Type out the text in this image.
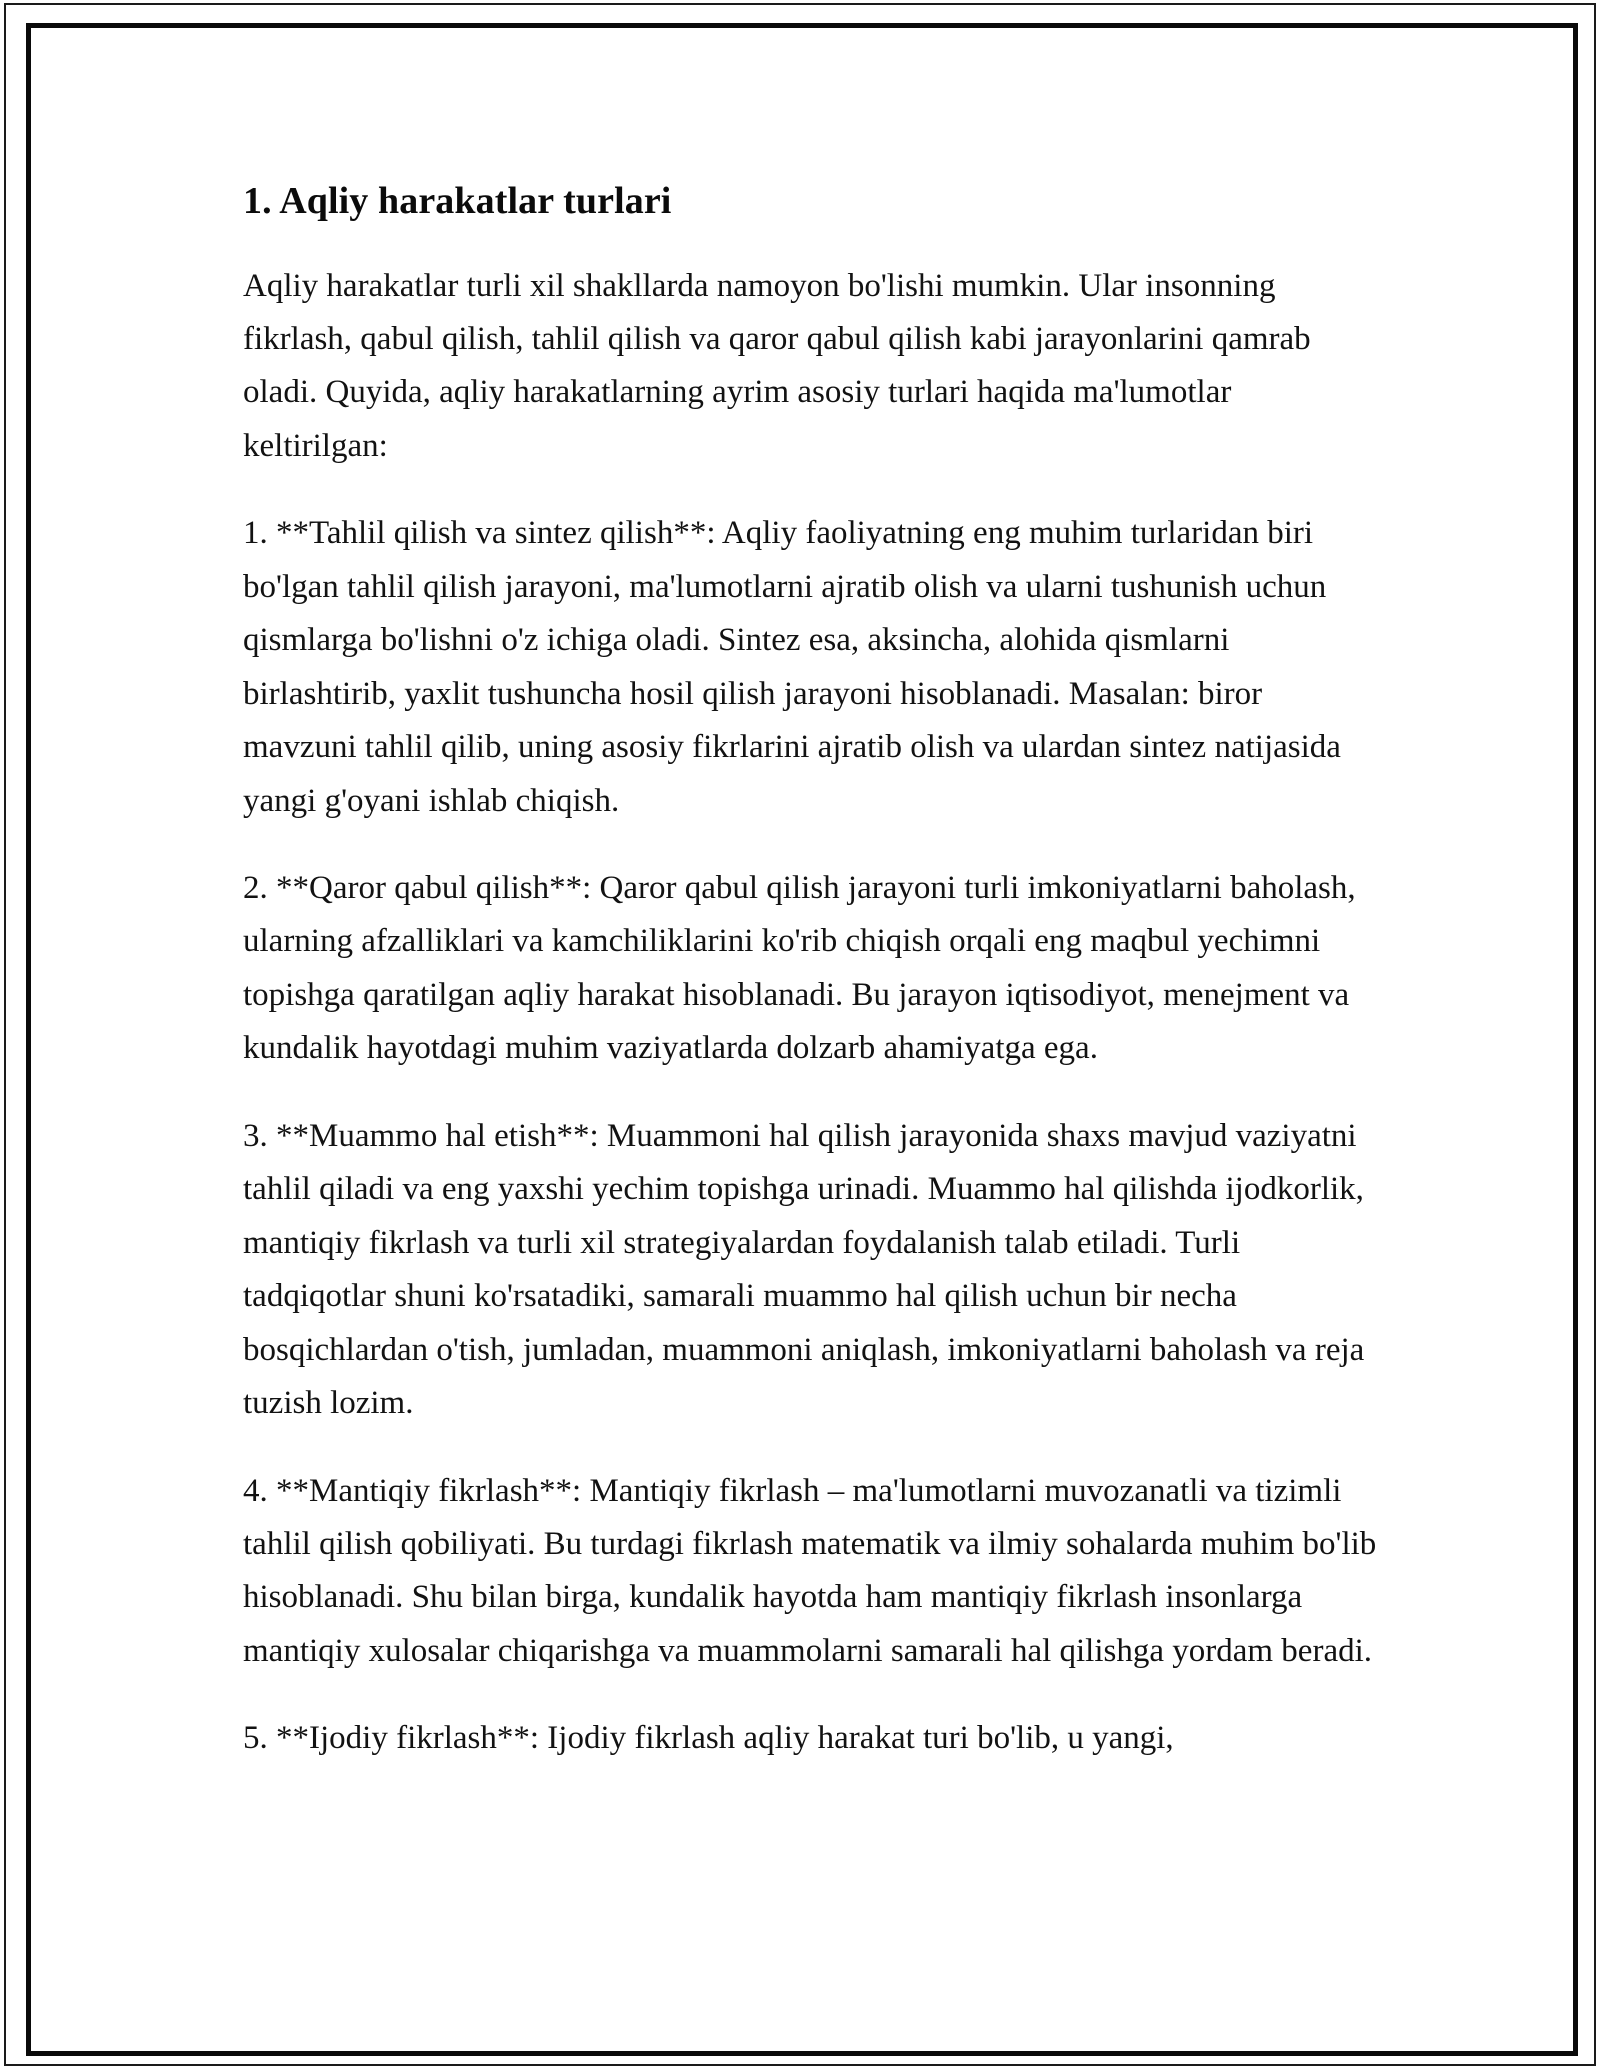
1. Aqliy harakatlar turlari

Aqliy harakatlar turli xil shakllarda namoyon bo'lishi mumkin. Ular insonning fikrlash, qabul qilish, tahlil qilish va qaror qabul qilish kabi jarayonlarini qamrab oladi. Quyida, aqliy harakatlarning ayrim asosiy turlari haqida ma'lumotlar keltirilgan:

1. **Tahlil qilish va sintez qilish**: Aqliy faoliyatning eng muhim turlaridan biri bo'lgan tahlil qilish jarayoni, ma'lumotlarni ajratib olish va ularni tushunish uchun qismlarga bo'lishni o'z ichiga oladi. Sintez esa, aksincha, alohida qismlarni birlashtirib, yaxlit tushuncha hosil qilish jarayoni hisoblanadi. Masalan: biror mavzuni tahlil qilib, uning asosiy fikrlarini ajratib olish va ulardan sintez natijasida yangi g'oyani ishlab chiqish.

2. **Qaror qabul qilish**: Qaror qabul qilish jarayoni turli imkoniyatlarni baholash, ularning afzalliklari va kamchiliklarini ko'rib chiqish orqali eng maqbul yechimni topishga qaratilgan aqliy harakat hisoblanadi. Bu jarayon iqtisodiyot, menejment va kundalik hayotdagi muhim vaziyatlarda dolzarb ahamiyatga ega.

3. **Muammo hal etish**: Muammoni hal qilish jarayonida shaxs mavjud vaziyatni tahlil qiladi va eng yaxshi yechim topishga urinadi. Muammo hal qilishda ijodkorlik, mantiqiy fikrlash va turli xil strategiyalardan foydalanish talab etiladi. Turli tadqiqotlar shuni ko'rsatadiki, samarali muammo hal qilish uchun bir necha bosqichlardan o'tish, jumladan, muammoni aniqlash, imkoniyatlarni baholash va reja tuzish lozim.

4. **Mantiqiy fikrlash**: Mantiqiy fikrlash – ma'lumotlarni muvozanatli va tizimli tahlil qilish qobiliyati. Bu turdagi fikrlash matematik va ilmiy sohalarda muhim bo'lib hisoblanadi. Shu bilan birga, kundalik hayotda ham mantiqiy fikrlash insonlarga mantiqiy xulosalar chiqarishga va muammolarni samarali hal qilishga yordam beradi.

5. **Ijodiy fikrlash**: Ijodiy fikrlash aqliy harakat turi bo'lib, u yangi,
